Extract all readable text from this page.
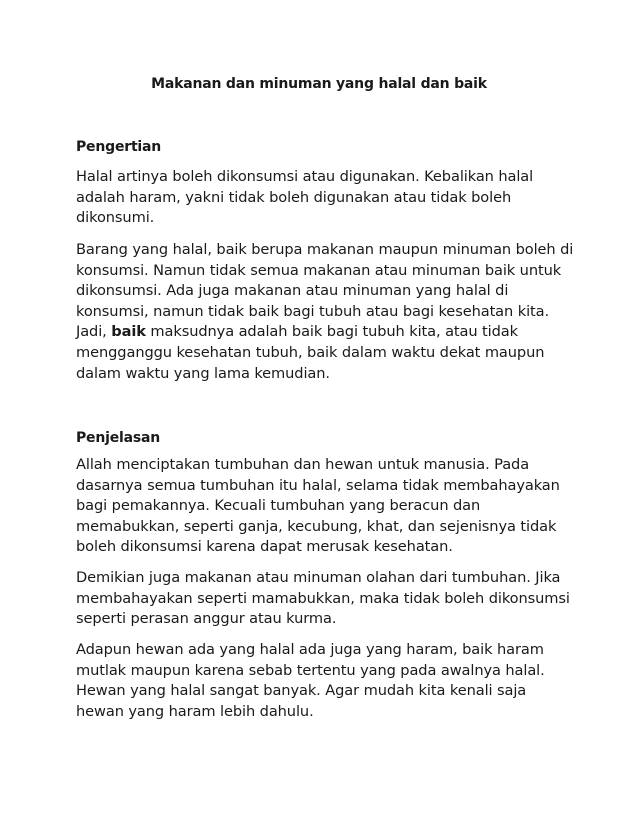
Makanan dan minuman yang halal dan baik
Pengertian

Halal artinya boleh dikonsumsi atau digunakan. Kebalikan halal adalah haram, yakni tidak boleh digunakan atau tidak boleh dikonsumi.

Barang yang halal, baik berupa makanan maupun minuman boleh di konsumsi. Namun tidak semua makanan atau minuman baik untuk dikonsumsi. Ada juga makanan atau minuman yang halal di konsumsi, namun tidak baik bagi tubuh atau bagi kesehatan kita. Jadi, baik maksudnya adalah baik bagi tubuh kita, atau tidak mengganggu kesehatan tubuh, baik dalam waktu dekat maupun dalam waktu yang lama kemudian.

Penjelasan

Allah menciptakan tumbuhan dan hewan untuk manusia. Pada dasarnya semua tumbuhan itu halal, selama tidak membahayakan bagi pemakannya. Kecuali tumbuhan yang beracun dan memabukkan, seperti ganja, kecubung, khat, dan sejenisnya tidak boleh dikonsumsi karena dapat merusak kesehatan.

Demikian juga makanan atau minuman olahan dari tumbuhan. Jika membahayakan seperti mamabukkan, maka tidak boleh dikonsumsi seperti perasan anggur atau kurma.

Adapun hewan ada yang halal ada juga yang haram, baik haram mutlak maupun karena sebab tertentu yang pada awalnya halal. Hewan yang halal sangat banyak. Agar mudah kita kenali saja hewan yang haram lebih dahulu.
